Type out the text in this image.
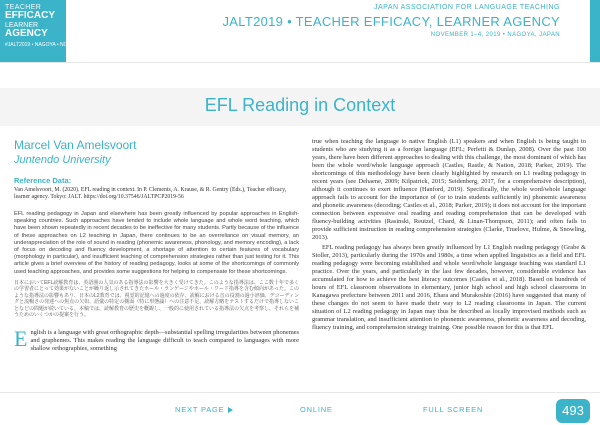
TEACHER
EFFICACY
LEARNER
AGENCY
#JALT2019 • NAGOYA • NOV 1-4
JAPAN ASSOCIATION FOR LANGUAGE TEACHING
JALT2019 • TEACHER EFFICACY, LEARNER AGENCY
NOVEMBER 1–4, 2019 • NAGOYA, JAPAN
EFL Reading in Context

Marcel Van Amelsvoort

Juntendo University

Reference Data:

Van Amelsvoort, M. (2020). EFL reading in context. In P. Clements, A. Krause, & R. Gentry (Eds.), Teacher efficacy, learner agency. Tokyo: JALT. https://doi.org/10.37546/JALTPCP2019-56

EFL reading pedagogy in Japan and elsewhere has been greatly influenced by popular approaches in English-speaking countries. Such approaches have tended to include whole language and whole word teaching, which have been shown repeatedly in recent decades to be ineffective for many students. Partly because of the influence of these approaches on L2 teaching in Japan, there continues to be an overreliance on visual memory, an underappreciation of the role of sound in reading (phonemic awareness, phonology, and memory encoding), a lack of focus on decoding and fluency development, a shortage of attention to certain features of vocabulary (morphology in particular), and insufficient teaching of comprehension strategies rather than just testing for it. This article gives a brief overview of the history of reading pedagogy, looks at some of the shortcomings of commonly used teaching approaches, and provides some suggestions for helping to compensate for these shortcomings.

日本においてEFL読解教育は、英語圏の人気のある指導法の影響を大きく受けてきた。このような指導法は、ここ数十年で多くの学習者にとって効果がないことが繰り返し示されてきたホール・ランゲージやホール・ワード指導を含む傾向があった。このような指導法の影響もあり、日本のL2教育では、視覚的記憶への過度の依存、読解における音の役割の過小評価、デコーディングと流暢さの発達への焦点の欠如、語彙の特定の側面（特に形態論）への注意不足、読解方略をテストするだけで指導しないことなどの問題が続いている。本稿では、読解教育の歴史を概観し、一般的に使用されている指導法の欠点を考察し、それらを補うためのいくつかの提案を行う。

English is a language with great orthographic depth—substantial spelling irregularities between phonemes and graphemes. This makes reading the language difficult to teach compared to languages with more shallow orthographies, something

true when teaching the language to native English (L1) speakers and when English is being taught to students who are studying it as a foreign language (EFL; Perfetti & Dunlap, 2008). Over the past 100 years, there have been different approaches to dealing with this challenge, the most dominant of which has been the whole word/whole language approach (Castles, Rastle, & Nation, 2018; Parker, 2019). The shortcomings of this methodology have been clearly highlighted by research on L1 reading pedagogy in recent years (see Dehaene, 2009; Kilpatrick, 2015; Seidenberg, 2017, for a comprehensive description), although it continues to exert influence (Hanford, 2019). Specifically, the whole word/whole language approach fails to account for the importance of (or to train students sufficiently in) phonemic awareness and phonetic awareness (decoding; Castles et al., 2018; Parker, 2019); it does not account for the important connection between expressive oral reading and reading comprehension that can be developed with fluency-building activities (Rasinski, Reutzel, Chard, & Linan-Thompson, 2011); and often fails to provide sufficient instruction in reading comprehension strategies (Clarke, Truelove, Hulme, & Snowling, 2013).

EFL reading pedagogy has always been greatly influenced by L1 English reading pedagogy (Grabe & Stoller, 2013), particularly during the 1970s and 1980s, a time when applied linguistics as a field and EFL reading pedagogy were becoming established and whole word/whole language teaching was standard L1 practice. Over the years, and particularly in the last few decades, however, considerable evidence has accumulated for how to achieve the best literacy outcomes (Castles et al., 2018). Based on hundreds of hours of EFL classroom observations in elementary, junior high school and high school classrooms in Kanagawa prefecture between 2011 and 2016, Ehara and Murakoshie (2016) have suggested that many of these changes do not seem to have made their way to L2 reading classrooms in Japan. The current situation of L2 reading pedagogy in Japan may thus be described as locally improvised methods such as grammar translation, and insufficient attention to phonemic awareness, phonetic awareness and decoding, fluency training, and comprehension strategy training. One possible reason for this is that EFL

NEXT PAGE	ONLINE	FULL SCREEN	493
